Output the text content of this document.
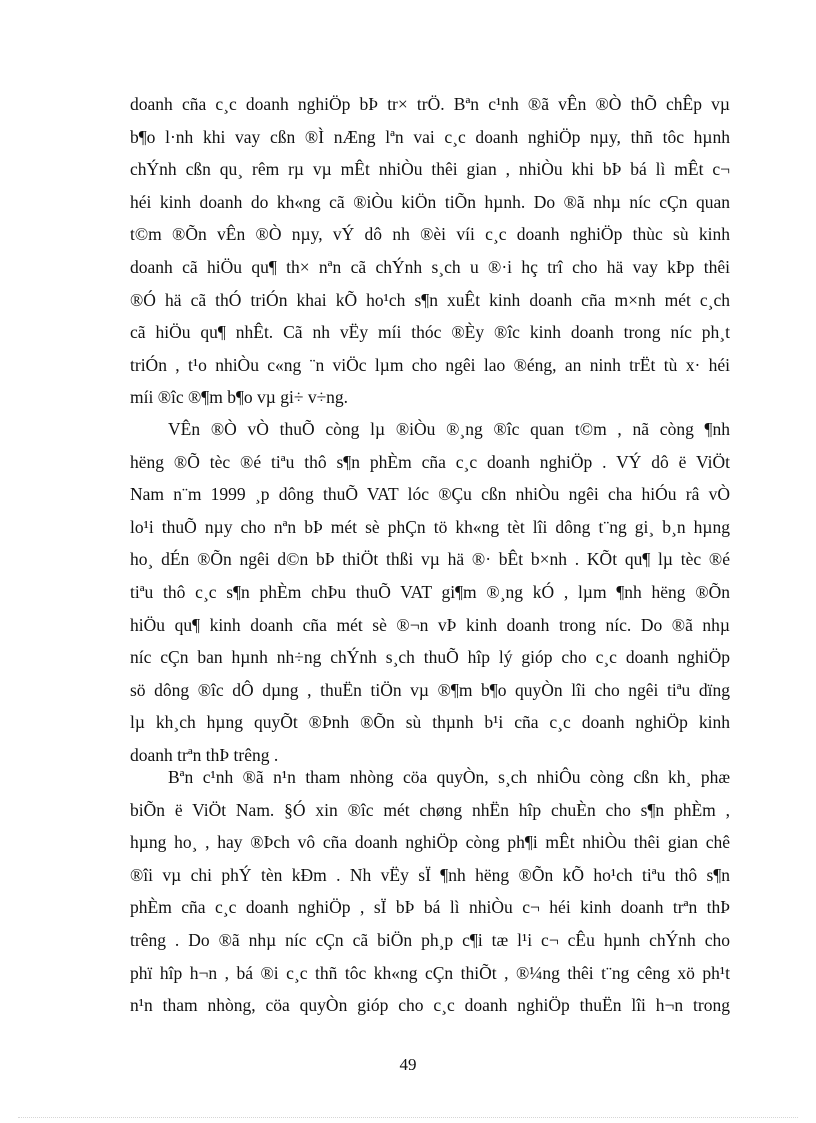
doanh cña c¸c doanh nghiÖp bÞ tr× trÖ. Bªn c¹nh ®ã vÊn ®Ò thÕ chÊp vµ
b¶o l·nh khi vay cßn ®Ì nÆng lªn vai c¸c doanh nghiÖp nµy, thñ tôc hµnh
chÝnh cßn qu¸ rêm rµ vµ mÊt nhiÒu thêi gian , nhiÒu khi bÞ bá lì mÊt c¬
héi kinh doanh do kh«ng cã ®iÒu kiÖn tiÕn hµnh. Do ®ã nhµ níc cÇn quan
t©m ®Õn vÊn ®Ò nµy, vÝ dô nh ®èi víi c¸c doanh nghiÖp thùc sù kinh
doanh cã hiÖu qu¶ th× nªn cã chÝnh s¸ch u ®·i hç trî cho hä vay kÞp thêi
®Ó hä cã thÓ triÓn khai kÕ ho¹ch s¶n xuÊt kinh doanh cña m×nh mét c¸ch
cã hiÖu qu¶ nhÊt. Cã nh vËy míi thóc ®Èy ®îc kinh doanh trong níc ph¸t
triÓn , t¹o nhiÒu c«ng ¨n viÖc lµm cho ngêi lao ®éng, an ninh trËt tù x· héi
míi ®îc ®¶m b¶o vµ gi÷ v÷ng.
VÊn ®Ò vÒ thuÕ còng lµ ®iÒu ®¸ng ®îc quan t©m , nã còng ¶nh
hëng ®Õ tèc ®é tiªu thô s¶n phÈm cña c¸c doanh nghiÖp . VÝ dô ë ViÖt
Nam n¨m 1999 ¸p dông thuÕ VAT lóc ®Çu cßn nhiÒu ngêi cha hiÓu râ vÒ
lo¹i thuÕ nµy cho nªn bÞ mét sè phÇn tö kh«ng tèt lîi dông t¨ng gi¸ b¸n hµng
ho¸ dÉn ®Õn ngêi d©n bÞ thiÖt thßi vµ hä ®· bÊt b×nh . KÕt qu¶ lµ tèc ®é
tiªu thô c¸c s¶n phÈm chÞu thuÕ VAT gi¶m ®¸ng kÓ , lµm ¶nh hëng ®Õn
hiÖu qu¶ kinh doanh cña mét sè ®¬n vÞ kinh doanh trong níc. Do ®ã nhµ
níc cÇn ban hµnh nh÷ng chÝnh s¸ch thuÕ hîp lý gióp cho c¸c doanh nghiÖp
sö dông ®îc dÔ dµng , thuËn tiÖn vµ ®¶m b¶o quyÒn lîi cho ngêi tiªu dïng
lµ kh¸ch hµng quyÕt ®Þnh ®Õn sù thµnh b¹i cña c¸c doanh nghiÖp kinh
doanh trªn thÞ trêng .
Bªn c¹nh ®ã n¹n tham nhòng cöa quyÒn, s¸ch nhiÔu còng cßn kh¸ phæ
biÕn ë ViÖt Nam. §Ó xin ®îc mét chøng nhËn hîp chuÈn cho s¶n phÈm ,
hµng ho¸ , hay ®Þch vô cña doanh nghiÖp còng ph¶i mÊt nhiÒu thêi gian chê
®îi vµ chi phÝ tèn kÐm . Nh vËy sÏ ¶nh hëng ®Õn kÕ ho¹ch tiªu thô s¶n
phÈm cña c¸c doanh nghiÖp , sÏ bÞ bá lì nhiÒu c¬ héi kinh doanh trªn thÞ
trêng . Do ®ã nhµ níc cÇn cã biÖn ph¸p c¶i tæ l¹i c¬ cÊu hµnh chÝnh cho
phï hîp h¬n , bá ®i c¸c thñ tôc kh«ng cÇn thiÕt , ®¼ng thêi t¨ng cêng xö ph¹t
n¹n tham nhòng, cöa quyÒn gióp cho c¸c doanh nghiÖp thuËn lîi h¬n trong
49
